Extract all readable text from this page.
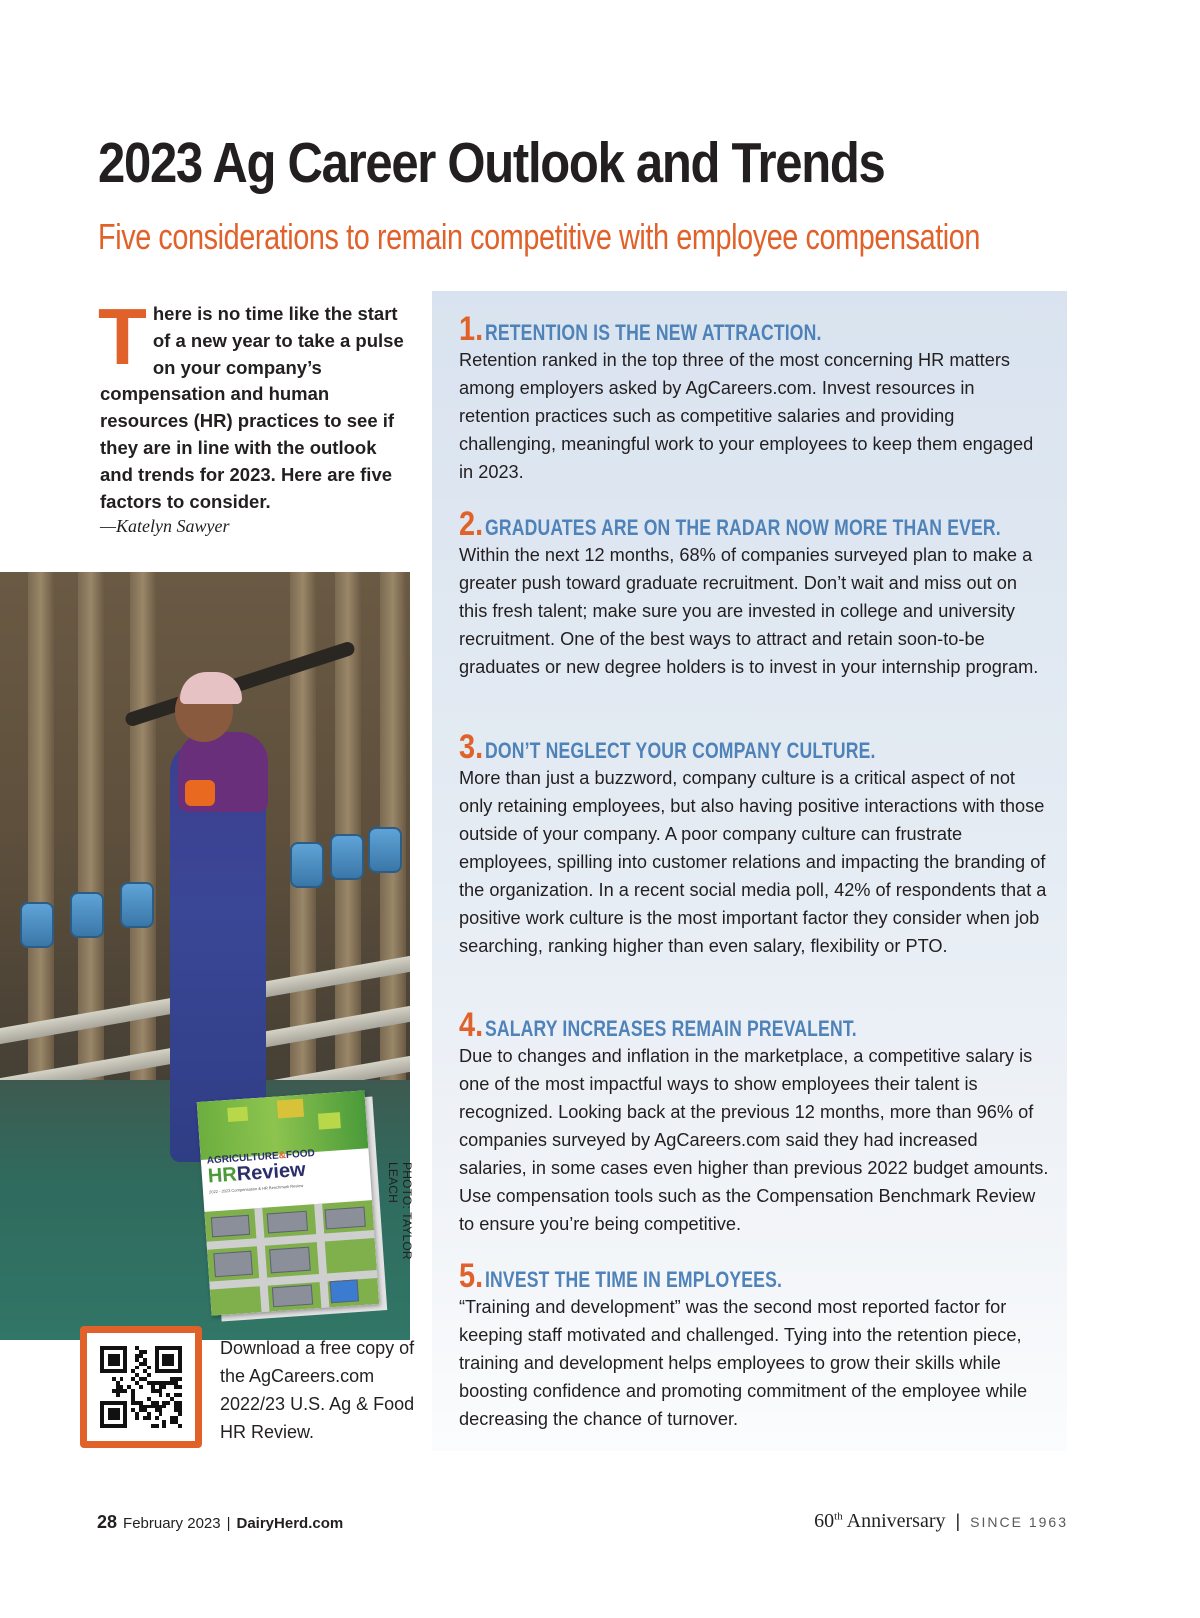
2023 Ag Career Outlook and Trends
Five considerations to remain competitive with employee compensation
There is no time like the start of a new year to take a pulse on your company’s compensation and human resources (HR) practices to see if they are in line with the outlook and trends for 2023. Here are five factors to consider.
—Katelyn Sawyer
PHOTO: TAYLOR LEACH
AGRICULTURE&FOOD
HRReview
2022 - 2023 Compensation & HR Benchmark Review
Download a free copy of the AgCareers.com 2022/23 U.S. Ag & Food HR Review.
1. RETENTION IS THE NEW ATTRACTION.
Retention ranked in the top three of the most concerning HR matters among employers asked by AgCareers.com. Invest resources in retention practices such as competitive salaries and providing challenging, meaningful work to your employees to keep them engaged in 2023.
2. GRADUATES ARE ON THE RADAR NOW MORE THAN EVER.
Within the next 12 months, 68% of companies surveyed plan to make a greater push toward graduate recruitment. Don’t wait and miss out on this fresh talent; make sure you are invested in college and university recruitment. One of the best ways to attract and retain soon-to-be graduates or new degree holders is to invest in your internship program.
3. DON’T NEGLECT YOUR COMPANY CULTURE.
More than just a buzzword, company culture is a critical aspect of not only retaining employees, but also having positive interactions with those outside of your company. A poor company culture can frustrate employees, spilling into customer relations and impacting the branding of the organization. In a recent social media poll, 42% of respondents that a positive work culture is the most important factor they consider when job searching, ranking higher than even salary, flexibility or PTO.
4. SALARY INCREASES REMAIN PREVALENT.
Due to changes and inflation in the marketplace, a competitive salary is one of the most impactful ways to show employees their talent is recognized. Looking back at the previous 12 months, more than 96% of companies surveyed by AgCareers.com said they had increased salaries, in some cases even higher than previous 2022 budget amounts. Use compensation tools such as the Compensation Benchmark Review to ensure you’re being competitive.
5. INVEST THE TIME IN EMPLOYEES.
“Training and development” was the second most reported factor for keeping staff motivated and challenged. Tying into the retention piece, training and development helps employees to grow their skills while boosting confidence and promoting commitment of the employee while decreasing the chance of turnover.
28 February 2023 | DairyHerd.com	60th Anniversary | SINCE 1963
